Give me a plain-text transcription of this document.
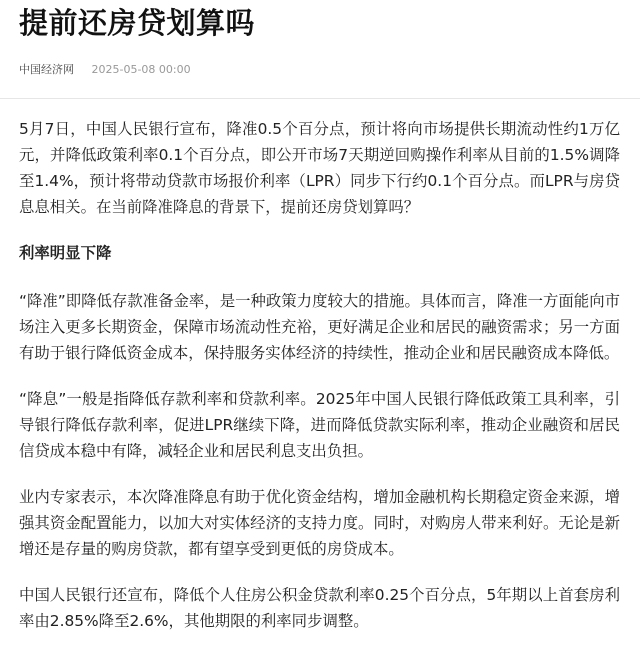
提前还房贷划算吗
中国经济网 2025-05-08 00:00

5月7日，中国人民银行宣布，降准0.5个百分点，预计将向市场提供长期流动性约1万亿元，并降低政策利率0.1个百分点，即公开市场7天期逆回购操作利率从目前的1.5%调降至1.4%，预计将带动贷款市场报价利率（LPR）同步下行约0.1个百分点。而LPR与房贷息息相关。在当前降准降息的背景下，提前还房贷划算吗？

利率明显下降

“降准”即降低存款准备金率，是一种政策力度较大的措施。具体而言，降准一方面能向市场注入更多长期资金，保障市场流动性充裕，更好满足企业和居民的融资需求；另一方面有助于银行降低资金成本，保持服务实体经济的持续性，推动企业和居民融资成本降低。

“降息”一般是指降低存款利率和贷款利率。2025年中国人民银行降低政策工具利率，引导银行降低存款利率，促进LPR继续下降，进而降低贷款实际利率，推动企业融资和居民信贷成本稳中有降，减轻企业和居民利息支出负担。

业内专家表示，本次降准降息有助于优化资金结构，增加金融机构长期稳定资金来源，增强其资金配置能力，以加大对实体经济的支持力度。同时，对购房人带来利好。无论是新增还是存量的购房贷款，都有望享受到更低的房贷成本。

中国人民银行还宣布，降低个人住房公积金贷款利率0.25个百分点，5年期以上首套房利率由2.85%降至2.6%，其他期限的利率同步调整。
